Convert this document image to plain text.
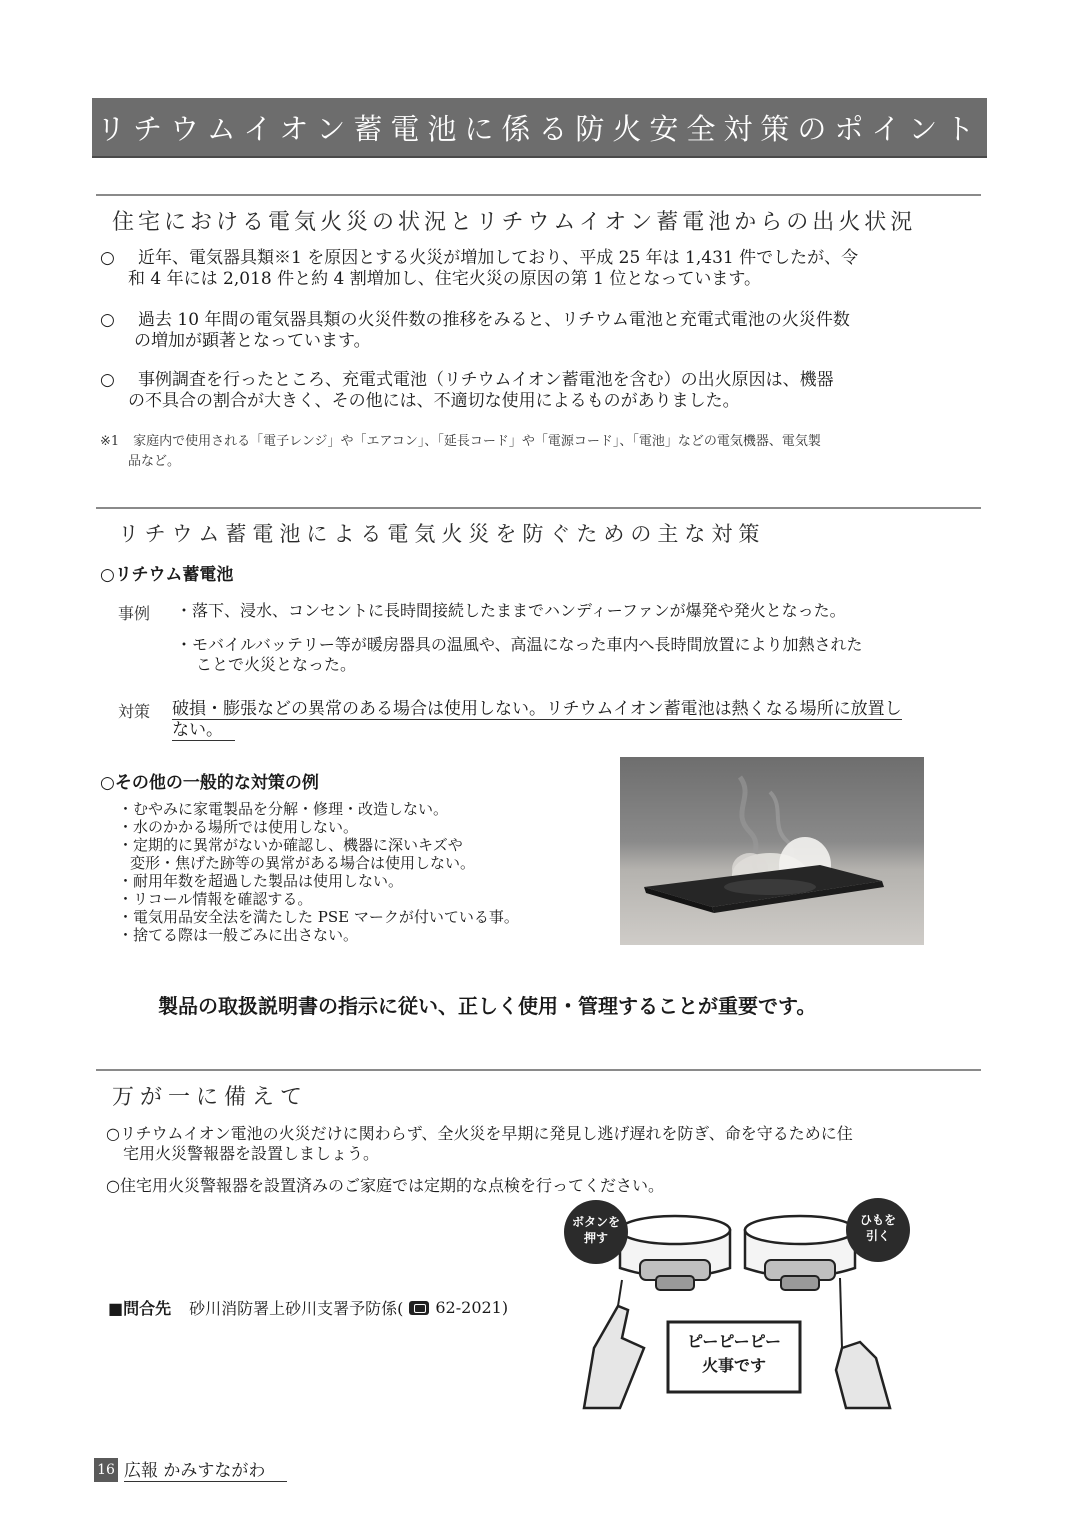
リチウムイオン蓄電池に係る防火安全対策のポイント
住宅における電気火災の状況とリチウムイオン蓄電池からの出火状況
○ 近年、電気器具類※1 を原因とする火災が増加しており、平成 25 年は 1,431 件でしたが、令
和 4 年には 2,018 件と約 4 割増加し、住宅火災の原因の第 1 位となっています。
○ 過去 10 年間の電気器具類の火災件数の推移をみると、リチウム電池と充電式電池の火災件数
の増加が顕著となっています。
○ 事例調査を行ったところ、充電式電池（リチウムイオン蓄電池を含む）の出火原因は、機器
の不具合の割合が大きく、その他には、不適切な使用によるものがありました。
※1 家庭内で使用される「電子レンジ」や「エアコン」、「延長コード」や「電源コード」、「電池」などの電気機器、電気製
品など。
リチウム蓄電池による電気火災を防ぐための主な対策
○リチウム蓄電池
事例 ・落下、浸水、コンセントに長時間接続したままでハンディーファンが爆発や発火となった。
・モバイルバッテリー等が暖房器具の温風や、高温になった車内へ長時間放置により加熱された
ことで火災となった。
対策 破損・膨張などの異常のある場合は使用しない。リチウムイオン蓄電池は熱くなる場所に放置し
ない。
○その他の一般的な対策の例
・むやみに家電製品を分解・修理・改造しない。
・水のかかる場所では使用しない。
・定期的に異常がないか確認し、機器に深いキズや
変形・焦げた跡等の異常がある場合は使用しない。
・耐用年数を超過した製品は使用しない。
・リコール情報を確認する。
・電気用品安全法を満たした PSE マークが付いている事。
・捨てる際は一般ごみに出さない。
製品の取扱説明書の指示に従い、正しく使用・管理することが重要です。
万が一に備えて
○リチウムイオン電池の火災だけに関わらず、全火災を早期に発見し逃げ遅れを防ぎ、命を守るために住
宅用火災警報器を設置しましょう。
○住宅用火災警報器を設置済みのご家庭では定期的な点検を行ってください。
■問合先 砂川消防署上砂川支署予防係( 62-2021)
ボタンを
押す
ひもを
引く
ピーピーピー
火事です
16 広報 かみすながわ
